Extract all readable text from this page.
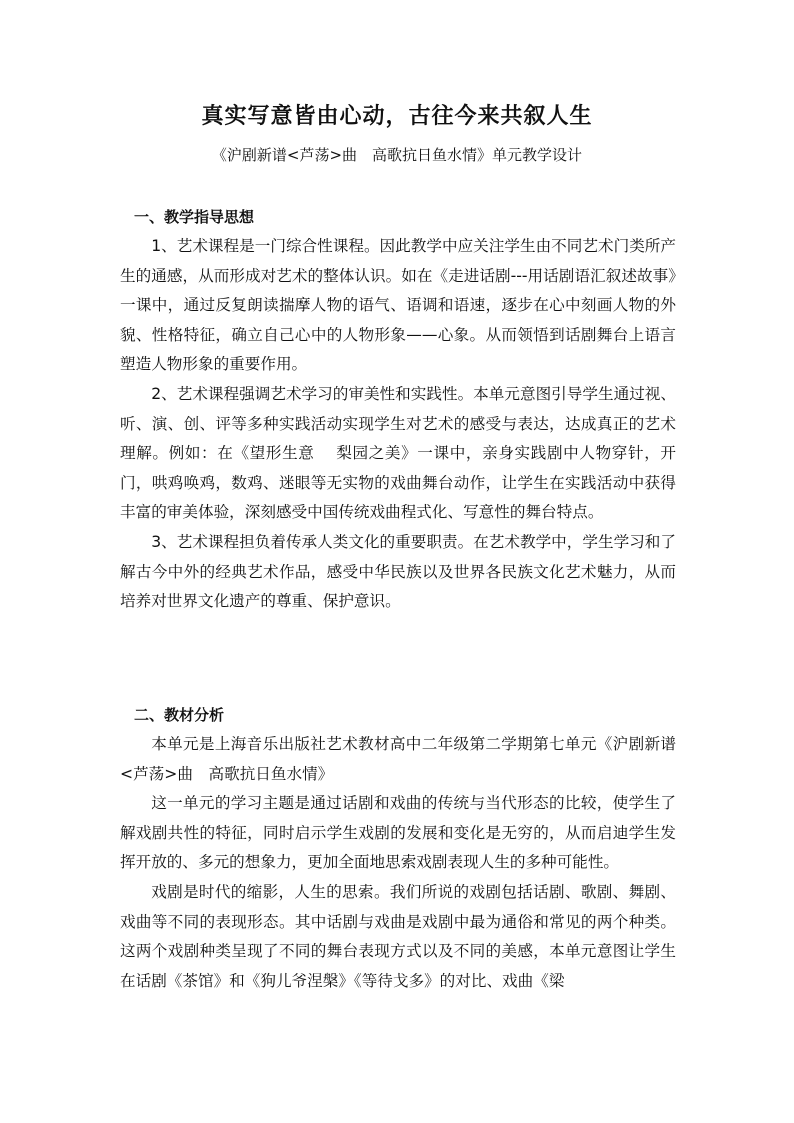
真实写意皆由心动，古往今来共叙人生
《沪剧新谱<芦荡>曲　高歌抗日鱼水情》单元教学设计
一、教学指导思想

1、艺术课程是一门综合性课程。因此教学中应关注学生由不同艺术门类所产生的通感，从而形成对艺术的整体认识。如在《走进话剧---用话剧语汇叙述故事》一课中，通过反复朗读揣摩人物的语气、语调和语速，逐步在心中刻画人物的外貌、性格特征，确立自己心中的人物形象——心象。从而领悟到话剧舞台上语言塑造人物形象的重要作用。

2、艺术课程强调艺术学习的审美性和实践性。本单元意图引导学生通过视、听、演、创、评等多种实践活动实现学生对艺术的感受与表达，达成真正的艺术理解。例如：在《望形生意　 梨园之美》一课中，亲身实践剧中人物穿针，开门，哄鸡唤鸡，数鸡、迷眼等无实物的戏曲舞台动作，让学生在实践活动中获得丰富的审美体验，深刻感受中国传统戏曲程式化、写意性的舞台特点。

3、艺术课程担负着传承人类文化的重要职责。在艺术教学中，学生学习和了解古今中外的经典艺术作品，感受中华民族以及世界各民族文化艺术魅力，从而培养对世界文化遗产的尊重、保护意识。

二、教材分析

本单元是上海音乐出版社艺术教材高中二年级第二学期第七单元《沪剧新谱<芦荡>曲　高歌抗日鱼水情》

这一单元的学习主题是通过话剧和戏曲的传统与当代形态的比较，使学生了解戏剧共性的特征，同时启示学生戏剧的发展和变化是无穷的，从而启迪学生发挥开放的、多元的想象力，更加全面地思索戏剧表现人生的多种可能性。

戏剧是时代的缩影，人生的思索。我们所说的戏剧包括话剧、歌剧、舞剧、戏曲等不同的表现形态。其中话剧与戏曲是戏剧中最为通俗和常见的两个种类。这两个戏剧种类呈现了不同的舞台表现方式以及不同的美感，本单元意图让学生在话剧《茶馆》和《狗儿爷涅槃》《等待戈多》的对比、戏曲《梁
